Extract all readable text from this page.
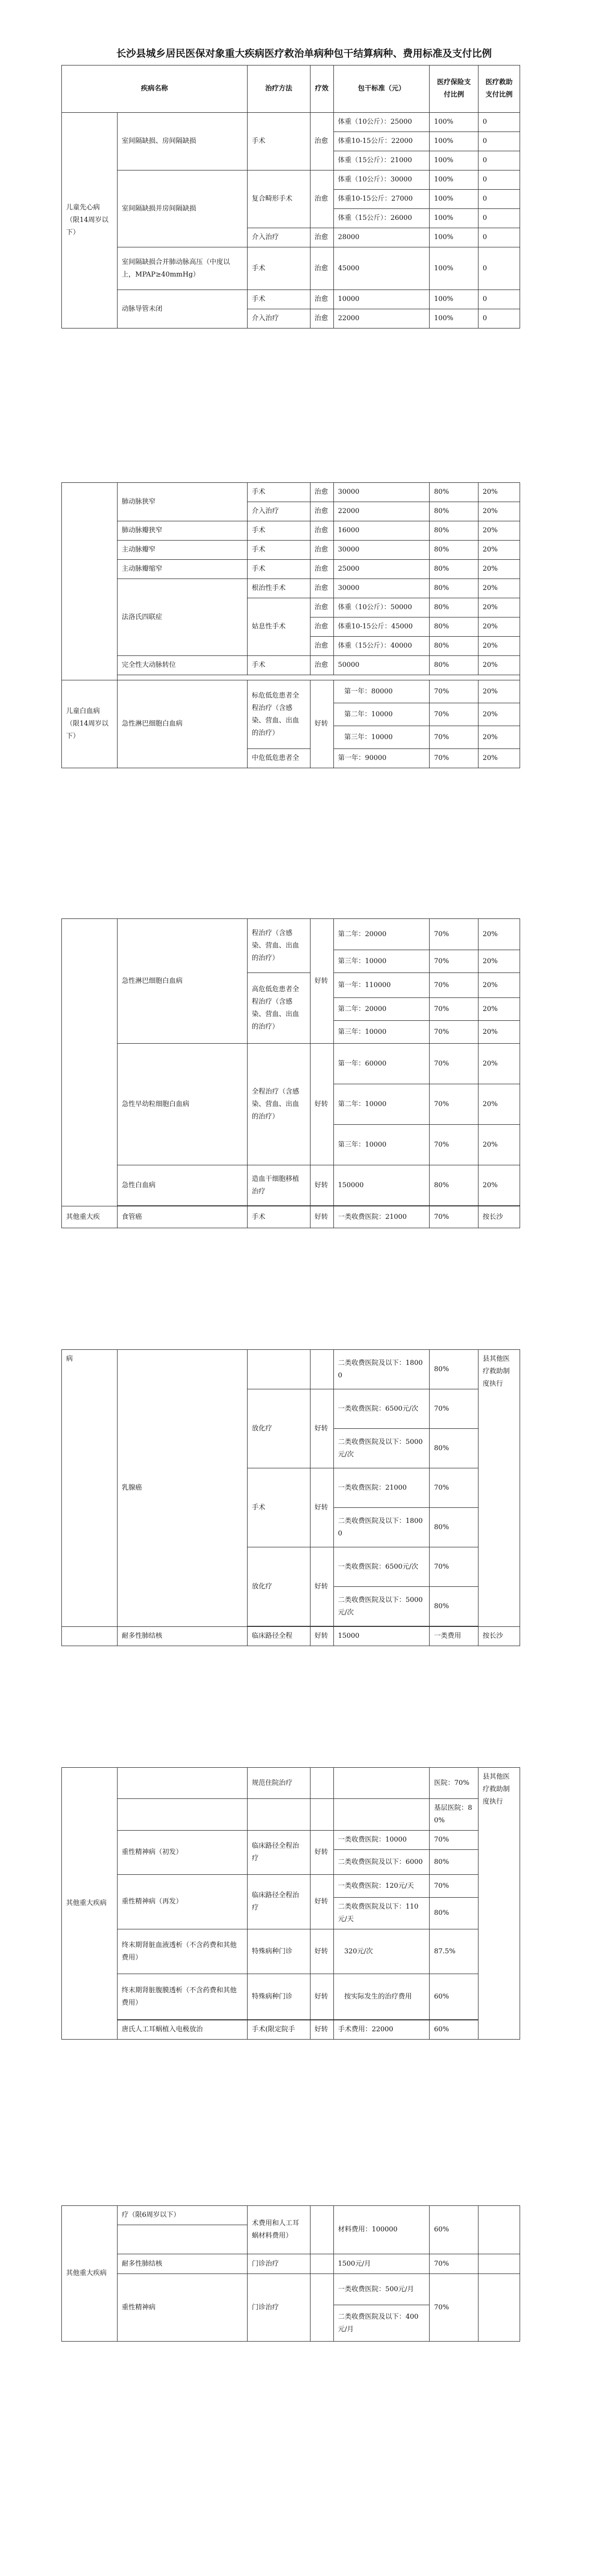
长沙县城乡居民医保对象重大疾病医疗救治单病种包干结算病种、费用标准及支付比例
疾病名称		治疗方法	疗效	包干标准（元）	医疗保险支付比例	医疗救助支付比例
儿童先心病（限14周岁以下）	室间隔缺损、房间隔缺损	手术	治愈	体重（10公斤）：25000	100%	0
				体重10-15公斤：22000	100%	0
				体重（15公斤）：21000	100%	0
	室间隔缺损并房间隔缺损	复合畸形手术	治愈	体重（10公斤）：30000	100%	0
				体重10-15公斤：27000	100%	0
				体重（15公斤）：26000	100%	0
		介入治疗	治愈	28000	100%	0
	室间隔缺损合并肺动脉高压（中度以上，MPAP≥40mmHg）	手术	治愈	45000	100%	0
	动脉导管未闭	手术	治愈	10000	100%	0
		介入治疗	治愈	22000	100%	0
	肺动脉狭窄	手术	治愈	30000	80%	20%
		介入治疗	治愈	22000	80%	20%
	肺动脉瓣狭窄	手术	治愈	16000	80%	20%
	主动脉瓣窄	手术	治愈	30000	80%	20%
	主动脉瓣缩窄	手术	治愈	25000	80%	20%
	法洛氏四联症	根治性手术	治愈	30000	80%	20%
		姑息性手术	治愈	体重（10公斤）：50000	80%	20%
			治愈	体重10-15公斤：45000	80%	20%
			治愈	体重（15公斤）：40000	80%	20%
	完全性大动脉转位	手术	治愈	50000	80%	20%

儿童白血病（限14周岁以下）	急性淋巴细胞白血病	标危低危患者全程治疗（含感染、营血、出血的治疗）	好转	第一年：80000	70%	20%
				第二年：10000	70%	20%
				第三年：10000	70%	20%
		中危低危患者全		第一年：90000	70%	20%
	急性淋巴细胞白血病	程治疗（含感染、营血、出血的治疗）	好转	第二年：20000	70%	20%
				第三年：10000	70%	20%
		高危低危患者全程治疗（含感染、营血、出血的治疗）		第一年：110000	70%	20%
				第二年：20000	70%	20%
				第三年：10000	70%	20%
	急性早幼粒细胞白血病	全程治疗（含感染、营血、出血的治疗）	好转	第一年：60000	70%	20%
				第二年：10000	70%	20%
				第三年：10000	70%	20%
	急性白血病	造血干细胞移植治疗	好转	150000	80%	20%

其他重大疾	食管癌	手术	好转	一类收费医院：21000	70%	按长沙
病	乳腺癌			二类收费医院及以下：18000	80%	县其他医疗救助制度执行
		放化疗	好转	一类收费医院：6500元/次	70%	
				二类收费医院及以下：5000元/次	80%	
		手术	好转	一类收费医院：21000	70%	
				二类收费医院及以下：18000	80%	
		放化疗	好转	一类收费医院：6500元/次	70%	
				二类收费医院及以下：5000元/次	80%	

	耐多性肺结核	临床路径全程	好转	15000	一类费用	按长沙
其他重大疾病		规范住院治疗			医院：70%	县其他医疗救助制度执行
					基层医院：80%	
	重性精神病（初发）	临床路径全程治疗	好转	一类收费医院：10000	70%	
				二类收费医院及以下：6000	80%	
	重性精神病（再发）	临床路径全程治疗	好转	一类收费医院：120元/天	70%	
				二类收费医院及以下：110元/天	80%	
	终末期肾脏血液透析（不含药费和其他费用）	特殊病种门诊	好转	320元/次	87.5%	
	终末期肾脏腹膜透析（不含药费和其他费用）	特殊病种门诊	好转	按实际发生的治疗费用	60%	

	唐氏人工耳蜗植入电极放治	手术(限定院手	好转	手术费用：22000	60%	
其他重大疾病	疗（限6周岁以下）	术费用和人工耳蜗材料费用）		材料费用：100000	60%	

	耐多性肺结核	门诊治疗		1500元/月	70%	
	重性精神病	门诊治疗		一类收费医院：500元/月	70%	
				二类收费医院及以下：400元/月		
